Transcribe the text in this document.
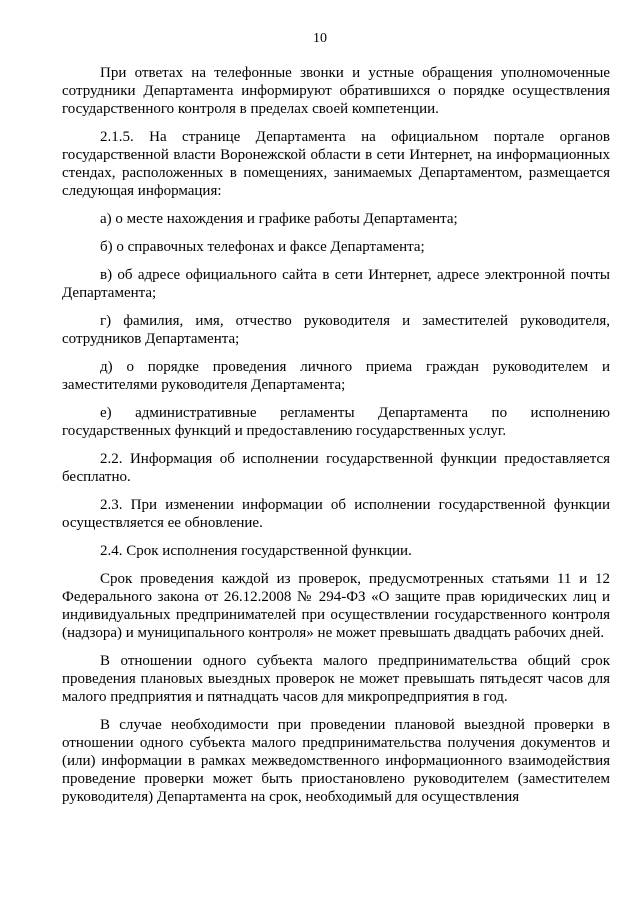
10

При ответах на телефонные звонки и устные обращения уполномоченные сотрудники Департамента информируют обратившихся о порядке осуществления государственного контроля в пределах своей компетенции.

2.1.5. На странице Департамента на официальном портале органов государственной власти Воронежской области в сети Интернет, на информационных стендах, расположенных в помещениях, занимаемых Департаментом, размещается следующая информация:

а) о месте нахождения и графике работы Департамента;

б) о справочных телефонах и факсе Департамента;

в) об адресе официального сайта в сети Интернет, адресе электронной почты Департамента;

г) фамилия, имя, отчество руководителя и заместителей руководителя, сотрудников Департамента;

д) о порядке проведения личного приема граждан руководителем и заместителями руководителя Департамента;

е) административные регламенты Департамента по исполнению государственных функций и предоставлению государственных услуг.

2.2. Информация об исполнении государственной функции предоставляется бесплатно.

2.3. При изменении информации об исполнении государственной функции осуществляется ее обновление.

2.4. Срок исполнения государственной функции.

Срок проведения каждой из проверок, предусмотренных статьями 11 и 12 Федерального закона от 26.12.2008 № 294-ФЗ «О защите прав юридических лиц и индивидуальных предпринимателей при осуществлении государственного контроля (надзора) и муниципального контроля» не может превышать двадцать рабочих дней.

В отношении одного субъекта малого предпринимательства общий срок проведения плановых выездных проверок не может превышать пятьдесят часов для малого предприятия и пятнадцать часов для микропредприятия в год.

В случае необходимости при проведении плановой выездной проверки в отношении одного субъекта малого предпринимательства получения документов и (или) информации в рамках межведомственного информационного взаимодействия проведение проверки может быть приостановлено руководителем (заместителем руководителя) Департамента на срок, необходимый для осуществления
